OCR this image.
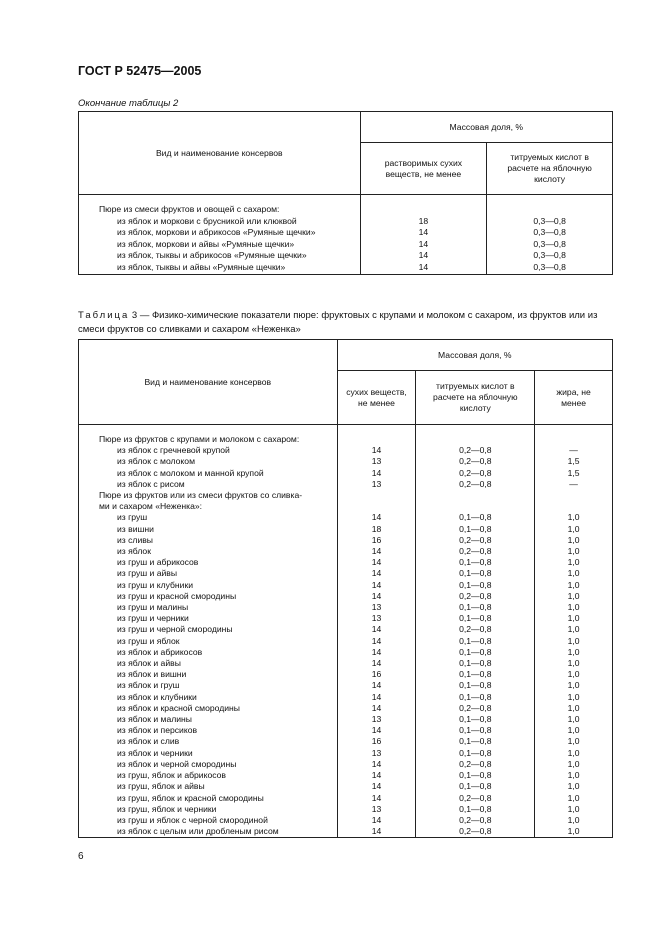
ГОСТ Р 52475—2005
Окончание таблицы 2
Вид и наименование консервов	Массовая доля, %	

	растворимых сухих веществ, не менее	титруемых кислот в расчете на яблочную кислоту

Пюре из смеси фруктов и овощей с сахаром:		
из яблок и моркови с брусникой или клюквой	18	0,3—0,8
из яблок, моркови и абрикосов «Румяные щечки»	14	0,3—0,8
из яблок, моркови и айвы «Румяные щечки»	14	0,3—0,8
из яблок, тыквы и абрикосов «Румяные щечки»	14	0,3—0,8
из яблок, тыквы и айвы «Румяные щечки»	14	0,3—0,8
Таблица 3 — Физико-химические показатели пюре: фруктовых с крупами и молоком с сахаром, из фруктов или из смеси фруктов со сливками и сахаром «Неженка»
Вид и наименование консервов	Массовая доля, %		

	сухих веществ, не менее	титруемых кислот в расчете на яблочную кислоту	жира, не менее

Пюре из фруктов с крупами и молоком с сахаром:			
из яблок с гречневой крупой	14	0,2—0,8	—
из яблок с молоком	13	0,2—0,8	1,5
из яблок с молоком и манной крупой	14	0,2—0,8	1,5
из яблок с рисом	13	0,2—0,8	—
Пюре из фруктов или из смеси фруктов со сливка-			
ми и сахаром «Неженка»:			
из груш	14	0,1—0,8	1,0
из вишни	18	0,1—0,8	1,0
из сливы	16	0,2—0,8	1,0
из яблок	14	0,2—0,8	1,0
из груш и абрикосов	14	0,1—0,8	1,0
из груш и айвы	14	0,1—0,8	1,0
из груш и клубники	14	0,1—0,8	1,0
из груш и красной смородины	14	0,2—0,8	1,0
из груш и малины	13	0,1—0,8	1,0
из груш и черники	13	0,1—0,8	1,0
из груш и черной смородины	14	0,2—0,8	1,0
из груш и яблок	14	0,1—0,8	1,0
из яблок и абрикосов	14	0,1—0,8	1,0
из яблок и айвы	14	0,1—0,8	1,0
из яблок и вишни	16	0,1—0,8	1,0
из яблок и груш	14	0,1—0,8	1,0
из яблок и клубники	14	0,1—0,8	1,0
из яблок и красной смородины	14	0,2—0,8	1,0
из яблок и малины	13	0,1—0,8	1,0
из яблок и персиков	14	0,1—0,8	1,0
из яблок и слив	16	0,1—0,8	1,0
из яблок и черники	13	0,1—0,8	1,0
из яблок и черной смородины	14	0,2—0,8	1,0
из груш, яблок и абрикосов	14	0,1—0,8	1,0
из груш, яблок и айвы	14	0,1—0,8	1,0
из груш, яблок и красной смородины	14	0,2—0,8	1,0
из груш, яблок и черники	13	0,1—0,8	1,0
из груш и яблок с черной смородиной	14	0,2—0,8	1,0
из яблок с целым или дробленым рисом	14	0,2—0,8	1,0
6
